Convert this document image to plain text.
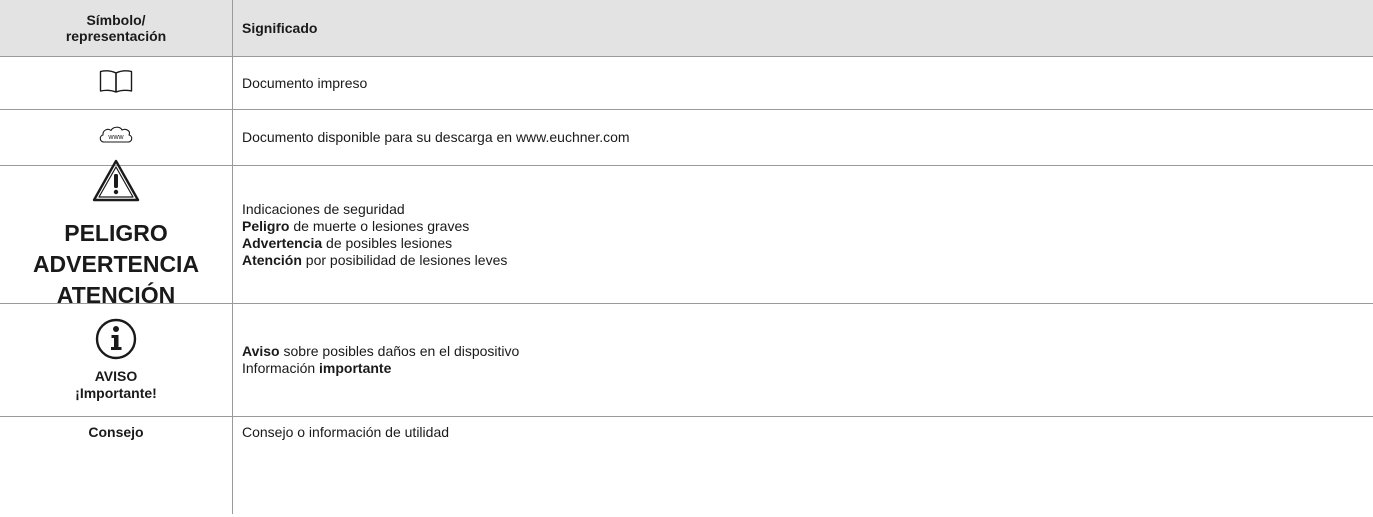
Símbolo/
representación
Significado
Documento impreso
www	Documento disponible para su descarga en www.euchner.com
PELIGRO
ADVERTENCIA
ATENCIÓN
Indicaciones de seguridad
Peligro de muerte o lesiones graves
Advertencia de posibles lesiones
Atención por posibilidad de lesiones leves
AVISO
¡Importante!
Aviso sobre posibles daños en el dispositivo
Información importante
Consejo	Consejo o información de utilidad
